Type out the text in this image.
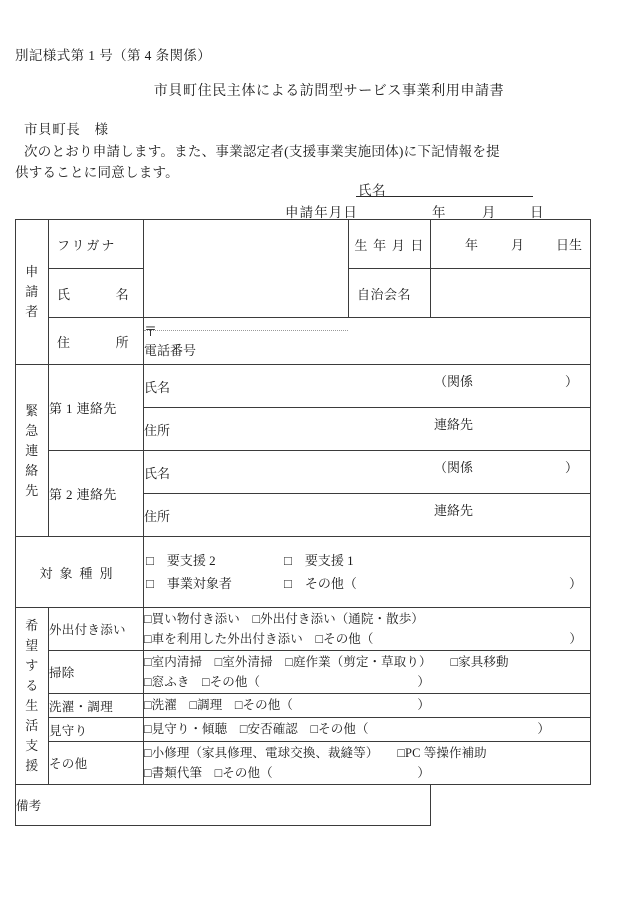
別記様式第 1 号（第 4 条関係）
市貝町住民主体による訪問型サービス事業利用申請書
市貝町長　様
次のとおり申請します。また、事業認定者(支援事業実施団体)に下記情報を提
供することに同意します。
氏名
申請年月日	年	月	日
申
請
者	フリガナ		生 年 月 日	年 月 日生

	氏 名		自治会名	

	住 所	〒
電話番号		

緊
急
連
絡
先	第 1 連絡先	氏名 （関係 ）		

		住所 連絡先		

	第 2 連絡先	氏名 （関係 ）		

		住所 連絡先		

対象種別		□　要支援 2 □　要支援 1
□　事業対象者 □　その他（ ）		

希
望
す
る
生
活
支
援
	外出付き添い	
□買い物付き添い　□外出付き添い（通院・散歩）
□車を利用した外出付き添い　□その他（	）

	掃除	□室内清掃　□室外清掃　□庭作業（剪定・草取り）　　□家具移動
□窓ふき　□その他（ ）		

	洗濯・調理	□洗濯　□調理　□その他（ ）		

	見守り	□見守り・傾聴　□安否確認　□その他（ ）		

	その他	□小修理（家具修理、電球交換、裁縫等）　　□PC 等操作補助
□書類代筆　□その他（ ）		

備考				
